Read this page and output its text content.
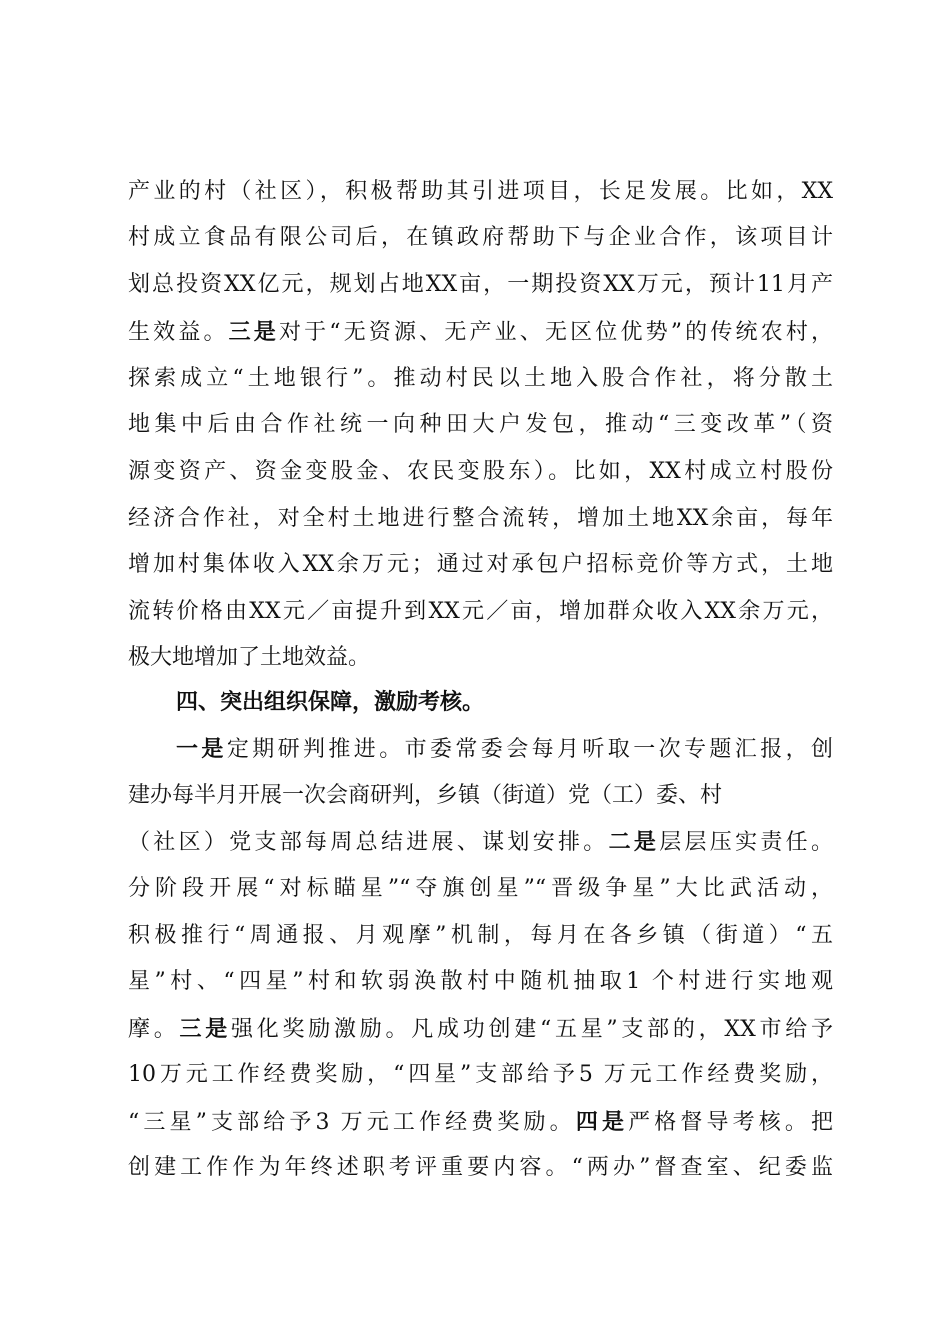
产业的村（社区），积极帮助其引进项目，长足发展。比如，XX
村成立食品有限公司后，在镇政府帮助下与企业合作，该项目计
划总投资XX亿元，规划占地XX亩，一期投资XX万元，预计11月产
生效益。三是对于“无资源、无产业、无区位优势”的传统农村，
探索成立“土地银行”。推动村民以土地入股合作社，将分散土
地集中后由合作社统一向种田大户发包，推动“三变改革”（资
源变资产、资金变股金、农民变股东）。比如，XX村成立村股份
经济合作社，对全村土地进行整合流转，增加土地XX余亩，每年
增加村集体收入XX余万元；通过对承包户招标竞价等方式，土地
流转价格由XX元／亩提升到XX元／亩，增加群众收入XX余万元，
极大地增加了土地效益。
四、突出组织保障，激励考核。
一是定期研判推进。市委常委会每月听取一次专题汇报，创
建办每半月开展一次会商研判，乡镇（街道）党（工）委、村
（社区）党支部每周总结进展、谋划安排。二是层层压实责任。
分阶段开展“对标瞄星”“夺旗创星”“晋级争星”大比武活动，
积极推行“周通报、月观摩”机制，每月在各乡镇（街道）“五
星”村、“四星”村和软弱涣散村中随机抽取1 个村进行实地观
摩。三是强化奖励激励。凡成功创建“五星”支部的，XX市给予
10万元工作经费奖励，“四星”支部给予5 万元工作经费奖励，
“三星”支部给予3 万元工作经费奖励。四是严格督导考核。把
创建工作作为年终述职考评重要内容。“两办”督查室、纪委监
